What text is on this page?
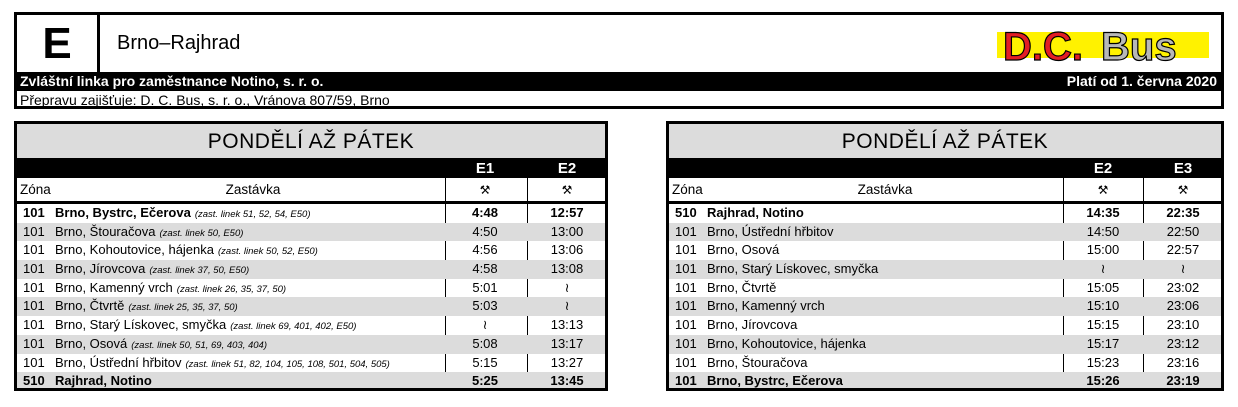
E	Brno–Rajhrad	D.C. Bus
Zvláštní linka pro zaměstnance Notino, s. r. o.	Platí od 1. června 2020
Přepravu zajišťuje: D. C. Bus, s. r. o., Vránova 807/59, Brno
PONDĚLÍ AŽ PÁTEK
E1	E2
Zóna	Zastávka	⚒	⚒
101 Brno, Bystrc, Ečerova (zast. linek 51, 52, 54, E50)	4:48	12:57
101 Brno, Štouračova (zast. linek 50, E50)	4:50	13:00
101 Brno, Kohoutovice, hájenka (zast. linek 50, 52, E50)	4:56	13:06
101 Brno, Jírovcova (zast. linek 37, 50, E50)	4:58	13:08
101 Brno, Kamenný vrch (zast. linek 26, 35, 37, 50)	5:01	≀
101 Brno, Čtvrtě (zast. linek 25, 35, 37, 50)	5:03	≀
101 Brno, Starý Lískovec, smyčka (zast. linek 69, 401, 402, E50)	≀	13:13
101 Brno, Osová (zast. linek 50, 51, 69, 403, 404)	5:08	13:17
101 Brno, Ústřední hřbitov (zast. linek 51, 82, 104, 105, 108, 501, 504, 505)	5:15	13:27
510 Rajhrad, Notino	5:25	13:45
PONDĚLÍ AŽ PÁTEK
E2	E3
Zóna	Zastávka	⚒	⚒
510 Rajhrad, Notino	14:35	22:35
101 Brno, Ústřední hřbitov	14:50	22:50
101 Brno, Osová	15:00	22:57
101 Brno, Starý Lískovec, smyčka	≀	≀
101 Brno, Čtvrtě	15:05	23:02
101 Brno, Kamenný vrch	15:10	23:06
101 Brno, Jírovcova	15:15	23:10
101 Brno, Kohoutovice, hájenka	15:17	23:12
101 Brno, Štouračova	15:23	23:16
101 Brno, Bystrc, Ečerova	15:26	23:19
